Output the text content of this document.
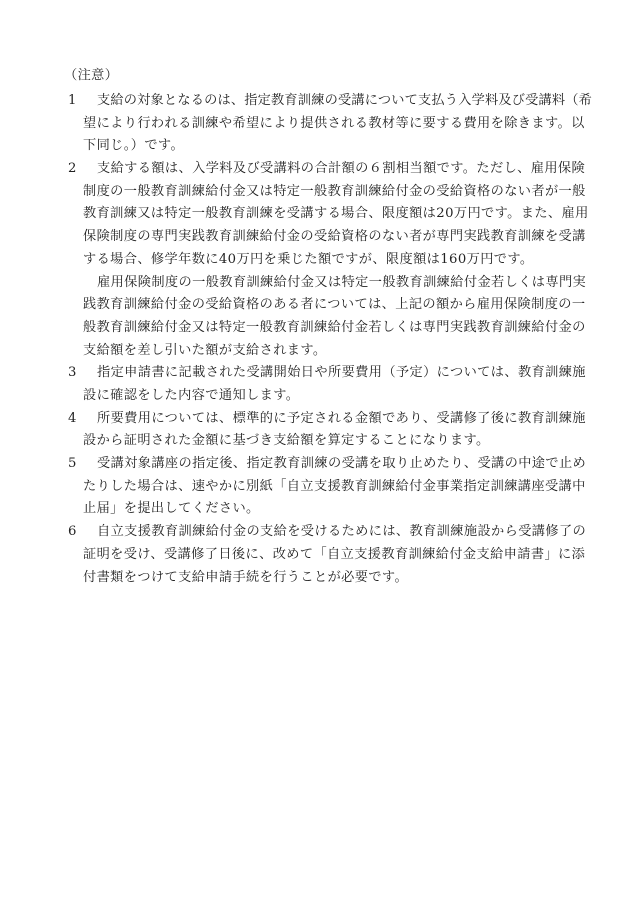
（注意）
1 支給の対象となるのは、指定教育訓練の受講について支払う入学料及び受講料（希
望により行われる訓練や希望により提供される教材等に要する費用を除きます。以
下同じ。）です。
2 支給する額は、入学料及び受講料の合計額の６割相当額です。ただし、雇用保険
制度の一般教育訓練給付金又は特定一般教育訓練給付金の受給資格のない者が一般
教育訓練又は特定一般教育訓練を受講する場合、限度額は20万円です。また、雇用
保険制度の専門実践教育訓練給付金の受給資格のない者が専門実践教育訓練を受講
する場合、修学年数に40万円を乗じた額ですが、限度額は160万円です。
雇用保険制度の一般教育訓練給付金又は特定一般教育訓練給付金若しくは専門実
践教育訓練給付金の受給資格のある者については、上記の額から雇用保険制度の一
般教育訓練給付金又は特定一般教育訓練給付金若しくは専門実践教育訓練給付金の
支給額を差し引いた額が支給されます。
3 指定申請書に記載された受講開始日や所要費用（予定）については、教育訓練施
設に確認をした内容で通知します。
4 所要費用については、標準的に予定される金額であり、受講修了後に教育訓練施
設から証明された金額に基づき支給額を算定することになります。
5 受講対象講座の指定後、指定教育訓練の受講を取り止めたり、受講の中途で止め
たりした場合は、速やかに別紙「自立支援教育訓練給付金事業指定訓練講座受講中
止届」を提出してください。
6 自立支援教育訓練給付金の支給を受けるためには、教育訓練施設から受講修了の
証明を受け、受講修了日後に、改めて「自立支援教育訓練給付金支給申請書」に添
付書類をつけて支給申請手続を行うことが必要です。
